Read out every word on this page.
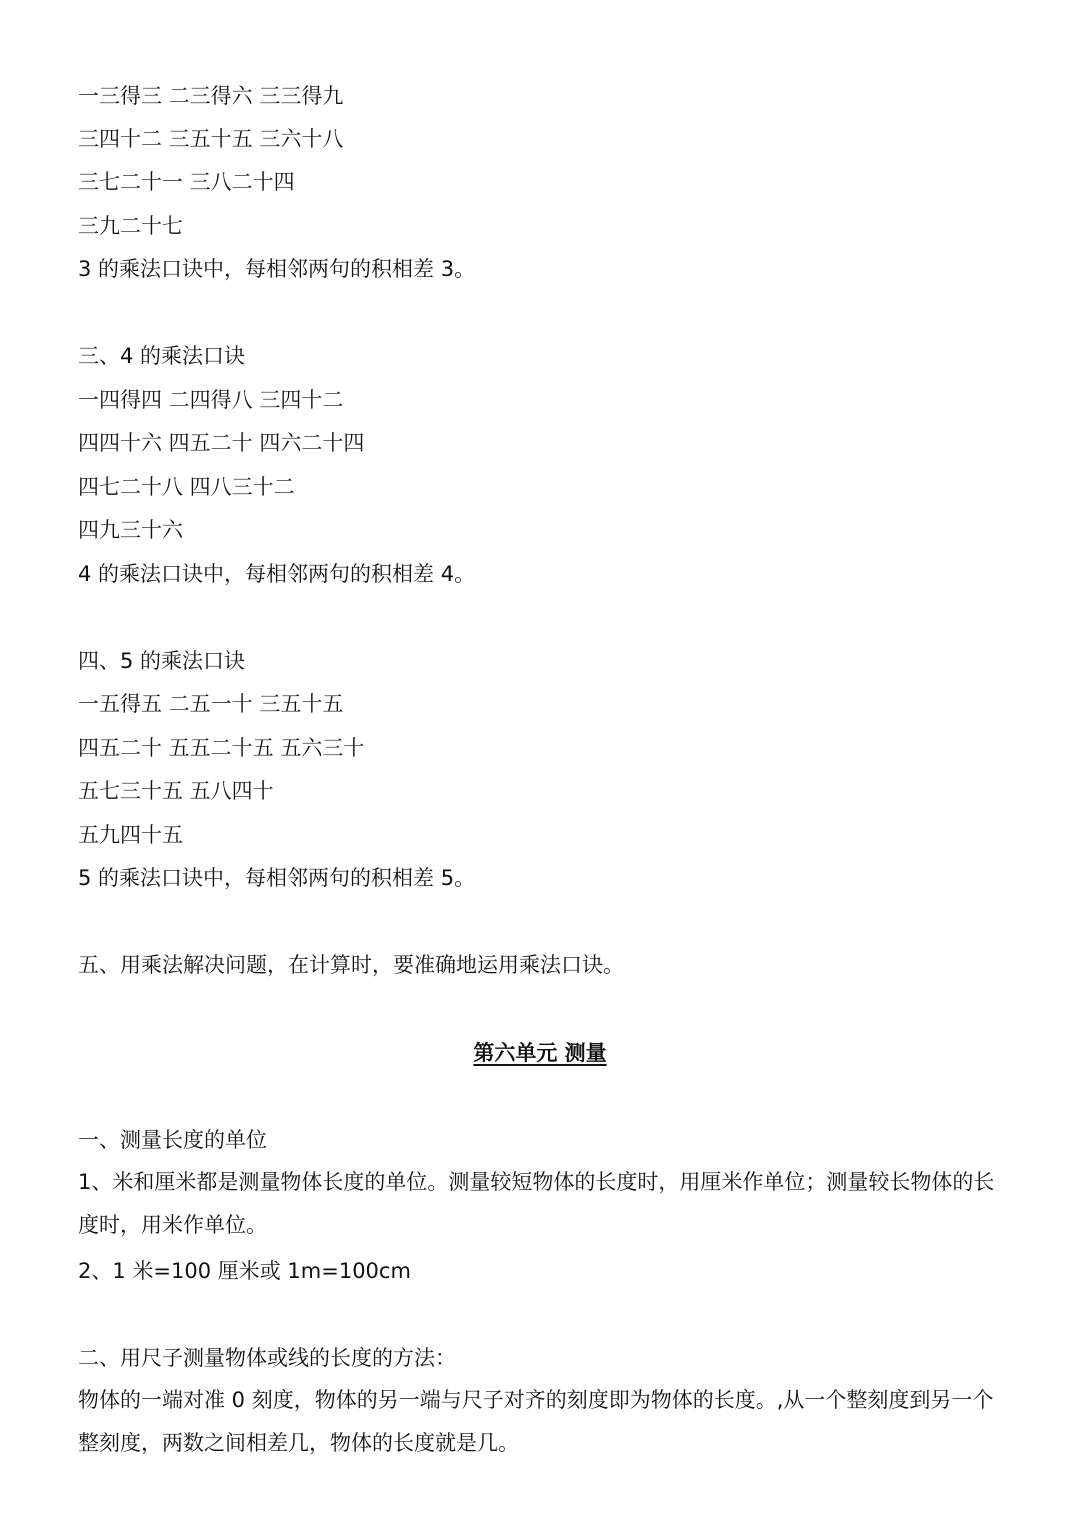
一三得三 二三得六 三三得九

三四十二 三五十五 三六十八

三七二十一 三八二十四

三九二十七

3 的乘法口诀中，每相邻两句的积相差 3。

三、4 的乘法口诀

一四得四 二四得八 三四十二

四四十六 四五二十 四六二十四

四七二十八 四八三十二

四九三十六

4 的乘法口诀中，每相邻两句的积相差 4。

四、5 的乘法口诀

一五得五 二五一十 三五十五

四五二十 五五二十五 五六三十

五七三十五 五八四十

五九四十五

5 的乘法口诀中，每相邻两句的积相差 5。

五、用乘法解决问题，在计算时，要准确地运用乘法口诀。

第六单元 测量

一、测量长度的单位

1、米和厘米都是测量物体长度的单位。测量较短物体的长度时，用厘米作单位；测量较长物体的长度时，用米作单位。

2、1 米=100 厘米或 1m=100cm

二、用尺子测量物体或线的长度的方法：

物体的一端对准 0 刻度，物体的另一端与尺子对齐的刻度即为物体的长度。,从一个整刻度到另一个整刻度，两数之间相差几，物体的长度就是几。
